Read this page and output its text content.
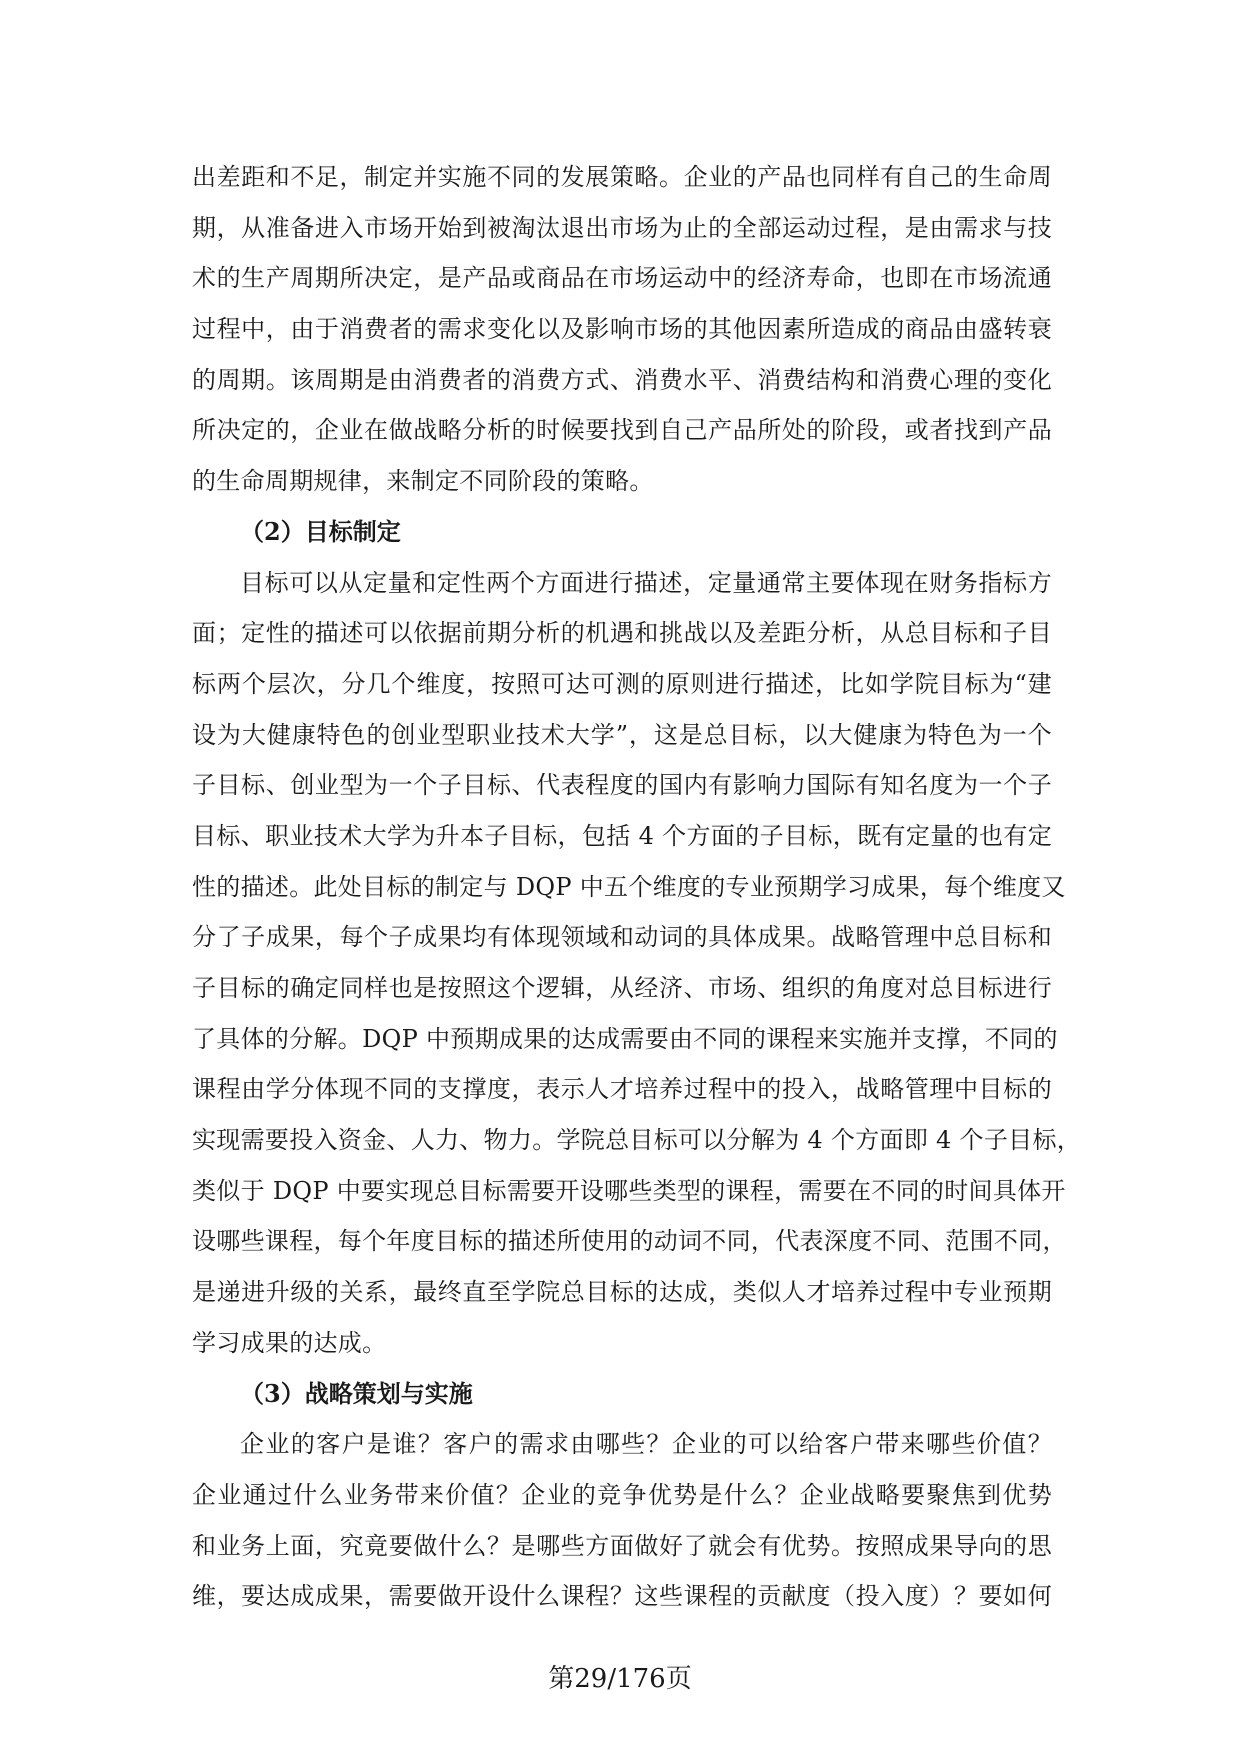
出差距和不足，制定并实施不同的发展策略。企业的产品也同样有自己的生命周
期，从准备进入市场开始到被淘汰退出市场为止的全部运动过程，是由需求与技
术的生产周期所决定，是产品或商品在市场运动中的经济寿命，也即在市场流通
过程中，由于消费者的需求变化以及影响市场的其他因素所造成的商品由盛转衰
的周期。该周期是由消费者的消费方式、消费水平、消费结构和消费心理的变化
所决定的，企业在做战略分析的时候要找到自己产品所处的阶段，或者找到产品
的生命周期规律，来制定不同阶段的策略。
（2）目标制定
目标可以从定量和定性两个方面进行描述，定量通常主要体现在财务指标方
面；定性的描述可以依据前期分析的机遇和挑战以及差距分析，从总目标和子目
标两个层次，分几个维度，按照可达可测的原则进行描述，比如学院目标为“建
设为大健康特色的创业型职业技术大学”，这是总目标，以大健康为特色为一个
子目标、创业型为一个子目标、代表程度的国内有影响力国际有知名度为一个子
目标、职业技术大学为升本子目标，包括 4 个方面的子目标，既有定量的也有定
性的描述。此处目标的制定与 DQP 中五个维度的专业预期学习成果，每个维度又
分了子成果，每个子成果均有体现领域和动词的具体成果。战略管理中总目标和
子目标的确定同样也是按照这个逻辑，从经济、市场、组织的角度对总目标进行
了具体的分解。DQP 中预期成果的达成需要由不同的课程来实施并支撑，不同的
课程由学分体现不同的支撑度，表示人才培养过程中的投入，战略管理中目标的
实现需要投入资金、人力、物力。学院总目标可以分解为 4 个方面即 4 个子目标，
类似于 DQP 中要实现总目标需要开设哪些类型的课程，需要在不同的时间具体开
设哪些课程，每个年度目标的描述所使用的动词不同，代表深度不同、范围不同，
是递进升级的关系，最终直至学院总目标的达成，类似人才培养过程中专业预期
学习成果的达成。
（3）战略策划与实施
企业的客户是谁？客户的需求由哪些？企业的可以给客户带来哪些价值？
企业通过什么业务带来价值？企业的竞争优势是什么？企业战略要聚焦到优势
和业务上面，究竟要做什么？是哪些方面做好了就会有优势。按照成果导向的思
维，要达成成果，需要做开设什么课程？这些课程的贡献度（投入度）？要如何
第29/176页
